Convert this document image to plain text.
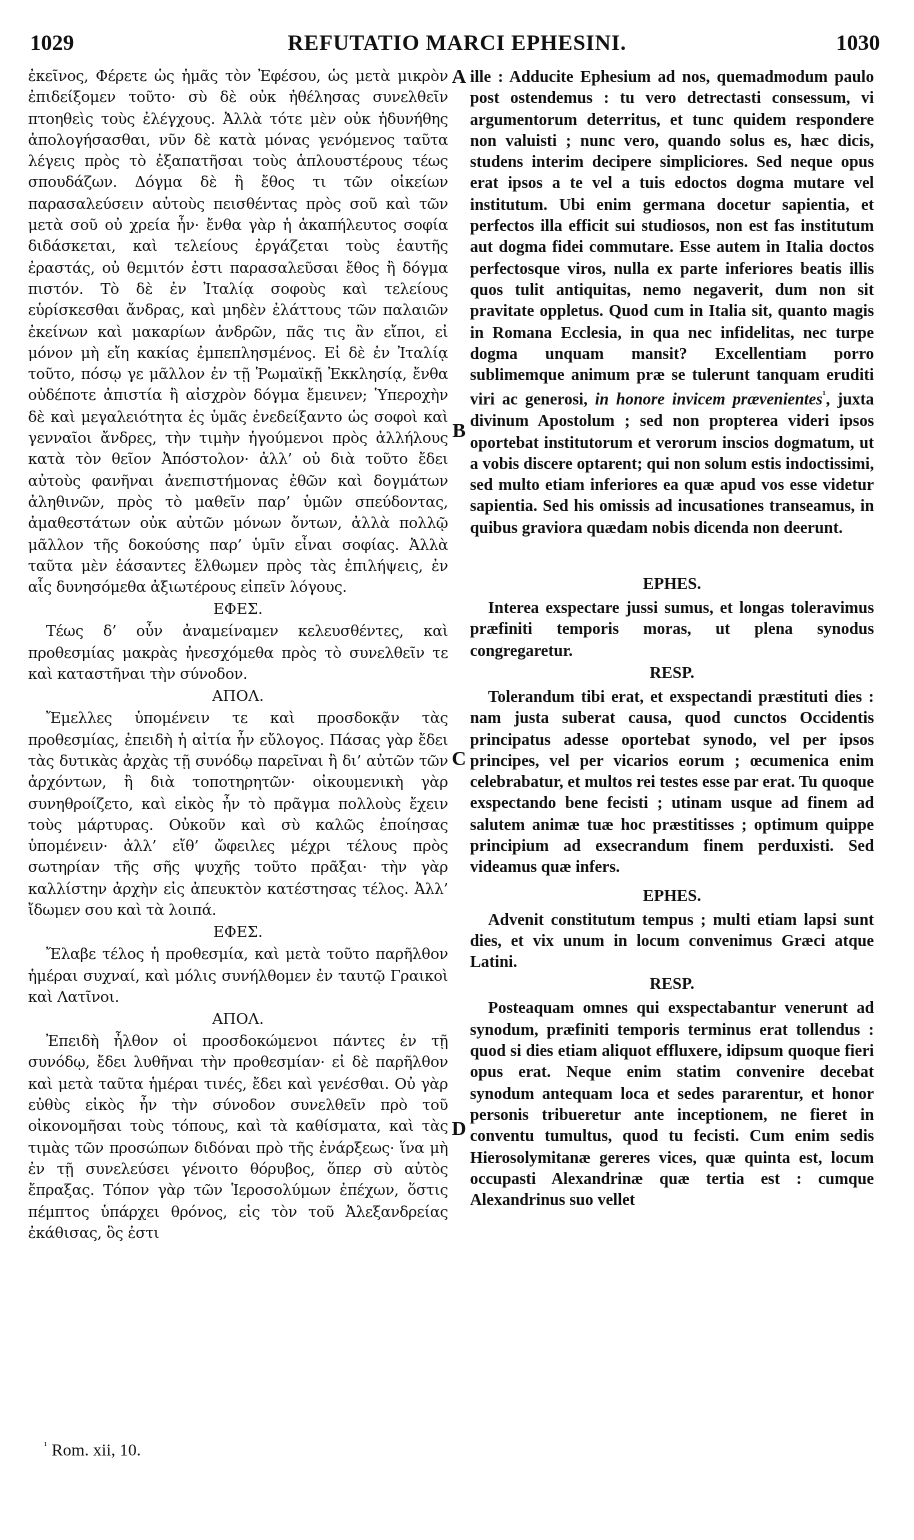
1029	REFUTATIO MARCI EPHESINI.	1030
A
B
C
D

ἐκεῖνος, Φέρετε ὡς ἡμᾶς τὸν Ἐφέσου, ὡς μετὰ μικρὸν ἐπιδείξομεν τοῦτο· σὺ δὲ οὐκ ἠθέλησας συνελθεῖν πτοηθεὶς τοὺς ἐλέγχους. Ἀλλὰ τότε μὲν οὐκ ἠδυνήθης ἀπολογήσασθαι, νῦν δὲ κατὰ μόνας γενόμενος ταῦτα λέγεις πρὸς τὸ ἐξαπατῆσαι τοὺς ἁπλουστέρους τέως σπουδάζων. Δόγμα δὲ ἢ ἔθος τι τῶν οἰκείων παρασαλεύσειν αὐτοὺς πεισθέντας πρὸς σοῦ καὶ τῶν μετὰ σοῦ οὐ χρεία ἦν· ἔνθα γὰρ ἡ ἀκαπήλευτος σοφία διδάσκεται, καὶ τελείους ἐργάζεται τοὺς ἑαυτῆς ἐραστάς, οὐ θεμιτόν ἐστι παρασαλεῦσαι ἔθος ἢ δόγμα πιστόν. Τὸ δὲ ἐν Ἰταλίᾳ σοφοὺς καὶ τελείους εὑρίσκεσθαι ἄνδρας, καὶ μηδὲν ἐλάττους τῶν παλαιῶν ἐκείνων καὶ μακαρίων ἀνδρῶν, πᾶς τις ἂν εἴποι, εἰ μόνον μὴ εἴη κακίας ἐμπεπλησμένος. Εἰ δὲ ἐν Ἰταλίᾳ τοῦτο, πόσῳ γε μᾶλλον ἐν τῇ Ῥωμαϊκῇ Ἐκκλησίᾳ, ἔνθα οὐδέποτε ἀπιστία ἢ αἰσχρὸν δόγμα ἔμεινεν; Ὑπεροχὴν δὲ καὶ μεγαλειότητα ἐς ὑμᾶς ἐνεδείξαντο ὡς σοφοὶ καὶ γενναῖοι ἄνδρες, τὴν τιμὴν ἡγούμενοι πρὸς ἀλλήλους κατὰ τὸν θεῖον Ἀπόστολον· ἀλλ’ οὐ διὰ τοῦτο ἔδει αὐτοὺς φανῆναι ἀνεπιστήμονας ἐθῶν καὶ δογμάτων ἀληθινῶν, πρὸς τὸ μαθεῖν παρ’ ὑμῶν σπεύδοντας, ἀμαθεστάτων οὐκ αὐτῶν μόνων ὄντων, ἀλλὰ πολλῷ μᾶλλον τῆς δοκούσης παρ’ ὑμῖν εἶναι σοφίας. Ἀλλὰ ταῦτα μὲν ἐάσαντες ἔλθωμεν πρὸς τὰς ἐπιλήψεις, ἐν αἷς δυνησόμεθα ἀξιωτέρους εἰπεῖν λόγους.

ΕΦΕΣ.

Τέως δ’ οὖν ἀναμείναμεν κελευσθέντες, καὶ προθεσμίας μακρὰς ἠνεσχόμεθα πρὸς τὸ συνελθεῖν τε καὶ καταστῆναι τὴν σύνοδον.

ΑΠΟΛ.

Ἔμελλες ὑπομένειν τε καὶ προσδοκᾷν τὰς προθεσμίας, ἐπειδὴ ἡ αἰτία ἦν εὔλογος. Πάσας γὰρ ἔδει τὰς δυτικὰς ἀρχὰς τῇ συνόδῳ παρεῖναι ἢ δι’ αὐτῶν τῶν ἀρχόντων, ἢ διὰ τοποτηρητῶν· οἰκουμενικὴ γὰρ συνηθροίζετο, καὶ εἰκὸς ἦν τὸ πρᾶγμα πολλοὺς ἔχειν τοὺς μάρτυρας. Οὐκοῦν καὶ σὺ καλῶς ἐποίησας ὑπομένειν· ἀλλ’ εἴθ’ ὤφειλες μέχρι τέλους πρὸς σωτηρίαν τῆς σῆς ψυχῆς τοῦτο πρᾶξαι· τὴν γὰρ καλλίστην ἀρχὴν εἰς ἀπευκτὸν κατέστησας τέλος. Ἀλλ’ ἴδωμεν σου καὶ τὰ λοιπά.

ΕΦΕΣ.

Ἔλαβε τέλος ἡ προθεσμία, καὶ μετὰ τοῦτο παρῆλθον ἡμέραι συχναί, καὶ μόλις συνήλθομεν ἐν ταυτῷ Γραικοὶ καὶ Λατῖνοι.

ΑΠΟΛ.

Ἐπειδὴ ἦλθον οἱ προσδοκώμενοι πάντες ἐν τῇ συνόδῳ, ἔδει λυθῆναι τὴν προθεσμίαν· εἰ δὲ παρῆλθον καὶ μετὰ ταῦτα ἡμέραι τινές, ἔδει καὶ γενέσθαι. Οὐ γὰρ εὐθὺς εἰκὸς ἦν τὴν σύνοδον συνελθεῖν πρὸ τοῦ οἰκονομῆσαι τοὺς τόπους, καὶ τὰ καθίσματα, καὶ τὰς τιμὰς τῶν προσώπων διδόναι πρὸ τῆς ἐνάρξεως· ἵνα μὴ ἐν τῇ συνελεύσει γένοιτο θόρυβος, ὅπερ σὺ αὐτὸς ἔπραξας. Τόπον γὰρ τῶν Ἱεροσολύμων ἐπέχων, ὅστις πέμπτος ὑπάρχει θρόνος, εἰς τὸν τοῦ Ἀλεξανδρείας ἐκάθισας, ὃς ἐστι

ille : Adducite Ephesium ad nos, quemadmodum paulo post ostendemus : tu vero detrectasti consessum, vi argumentorum deterritus, et tunc quidem respondere non valuisti ; nunc vero, quando solus es, hæc dicis, studens interim decipere simpliciores. Sed neque opus erat ipsos a te vel a tuis edoctos dogma mutare vel institutum. Ubi enim germana docetur sapientia, et perfectos illa efficit sui studiosos, non est fas institutum aut dogma fidei commutare. Esse autem in Italia doctos perfectosque viros, nulla ex parte inferiores beatis illis quos tulit antiquitas, nemo negaverit, dum non sit pravitate oppletus. Quod cum in Italia sit, quanto magis in Romana Ecclesia, in qua nec infidelitas, nec turpe dogma unquam mansit? Excellentiam porro sublimemque animum præ se tulerunt tanquam eruditi viri ac generosi, in honore invicem prævenientes$^{^1}$, juxta divinum Apostolum ; sed non propterea videri ipsos oportebat institutorum et verorum inscios dogmatum, ut a vobis discere optarent; qui non solum estis indoctissimi, sed multo etiam inferiores ea quæ apud vos esse videtur sapientia. Sed his omissis ad incusationes transeamus, in quibus graviora quædam nobis dicenda non deerunt.

EPHES.

Interea exspectare jussi sumus, et longas toleravimus præfiniti temporis moras, ut plena synodus congregaretur.

RESP.

Tolerandum tibi erat, et exspectandi præstituti dies : nam justa suberat causa, quod cunctos Occidentis principatus adesse oportebat synodo, vel per ipsos principes, vel per vicarios eorum ; œcumenica enim celebrabatur, et multos rei testes esse par erat. Tu quoque exspectando bene fecisti ; utinam usque ad finem ad salutem animæ tuæ hoc præstitisses ; optimum quippe principium ad exsecrandum finem perduxisti. Sed videamus quæ infers.

EPHES.

Advenit constitutum tempus ; multi etiam lapsi sunt dies, et vix unum in locum convenimus Græci atque Latini.

RESP.

Posteaquam omnes qui exspectabantur venerunt ad synodum, præfiniti temporis terminus erat tollendus : quod si dies etiam aliquot effluxere, idipsum quoque fieri opus erat. Neque enim statim convenire decebat synodum antequam loca et sedes pararentur, et honor personis tribueretur ante inceptionem, ne fieret in conventu tumultus, quod tu fecisti. Cum enim sedis Hierosolymitanæ gereres vices, quæ quinta est, locum occupasti Alexandrinæ quæ tertia est : cumque Alexandrinus suo vellet

$^{^1}$ Rom. xii, 10.
